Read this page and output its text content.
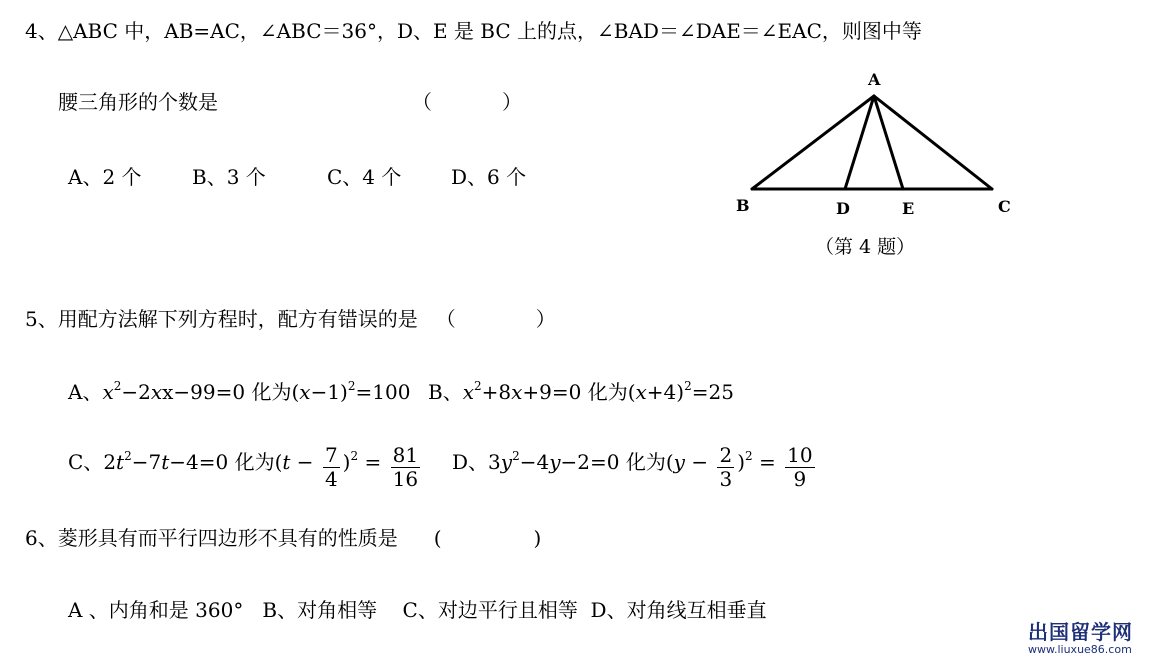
4、△ABC 中，AB=AC，∠ABC＝36°，D、E 是 BC 上的点，∠BAD＝∠DAE＝∠EAC，则图中等
腰三角形的个数是	（	）
A、2 个	B、3 个	C、4 个 D、6 个
A
B	D	E	C
（第 4 题）
5、用配方法解下列方程时，配方有错误的是 （	）
A、$x^2-2xx-99=0$ 化为$(x-1)^2=100$ B、$x^2+8x+9=0$ 化为$(x+4)^2=25$
C、$2t^2-7t-4=0$ 化为$(t - \frac{7}{4} )^2 = \frac{81}{16}$ D、$3y^2-4y-2=0$ 化为$(y - \frac{2}{3} )^2 = \frac{10}{9}$
6、菱形具有而平行四边形不具有的性质是 (	)
A 、内角和是 360°   B、对角相等    C、对边平行且相等  D、对角线互相垂直
出国留学网
www.liuxue86.com
